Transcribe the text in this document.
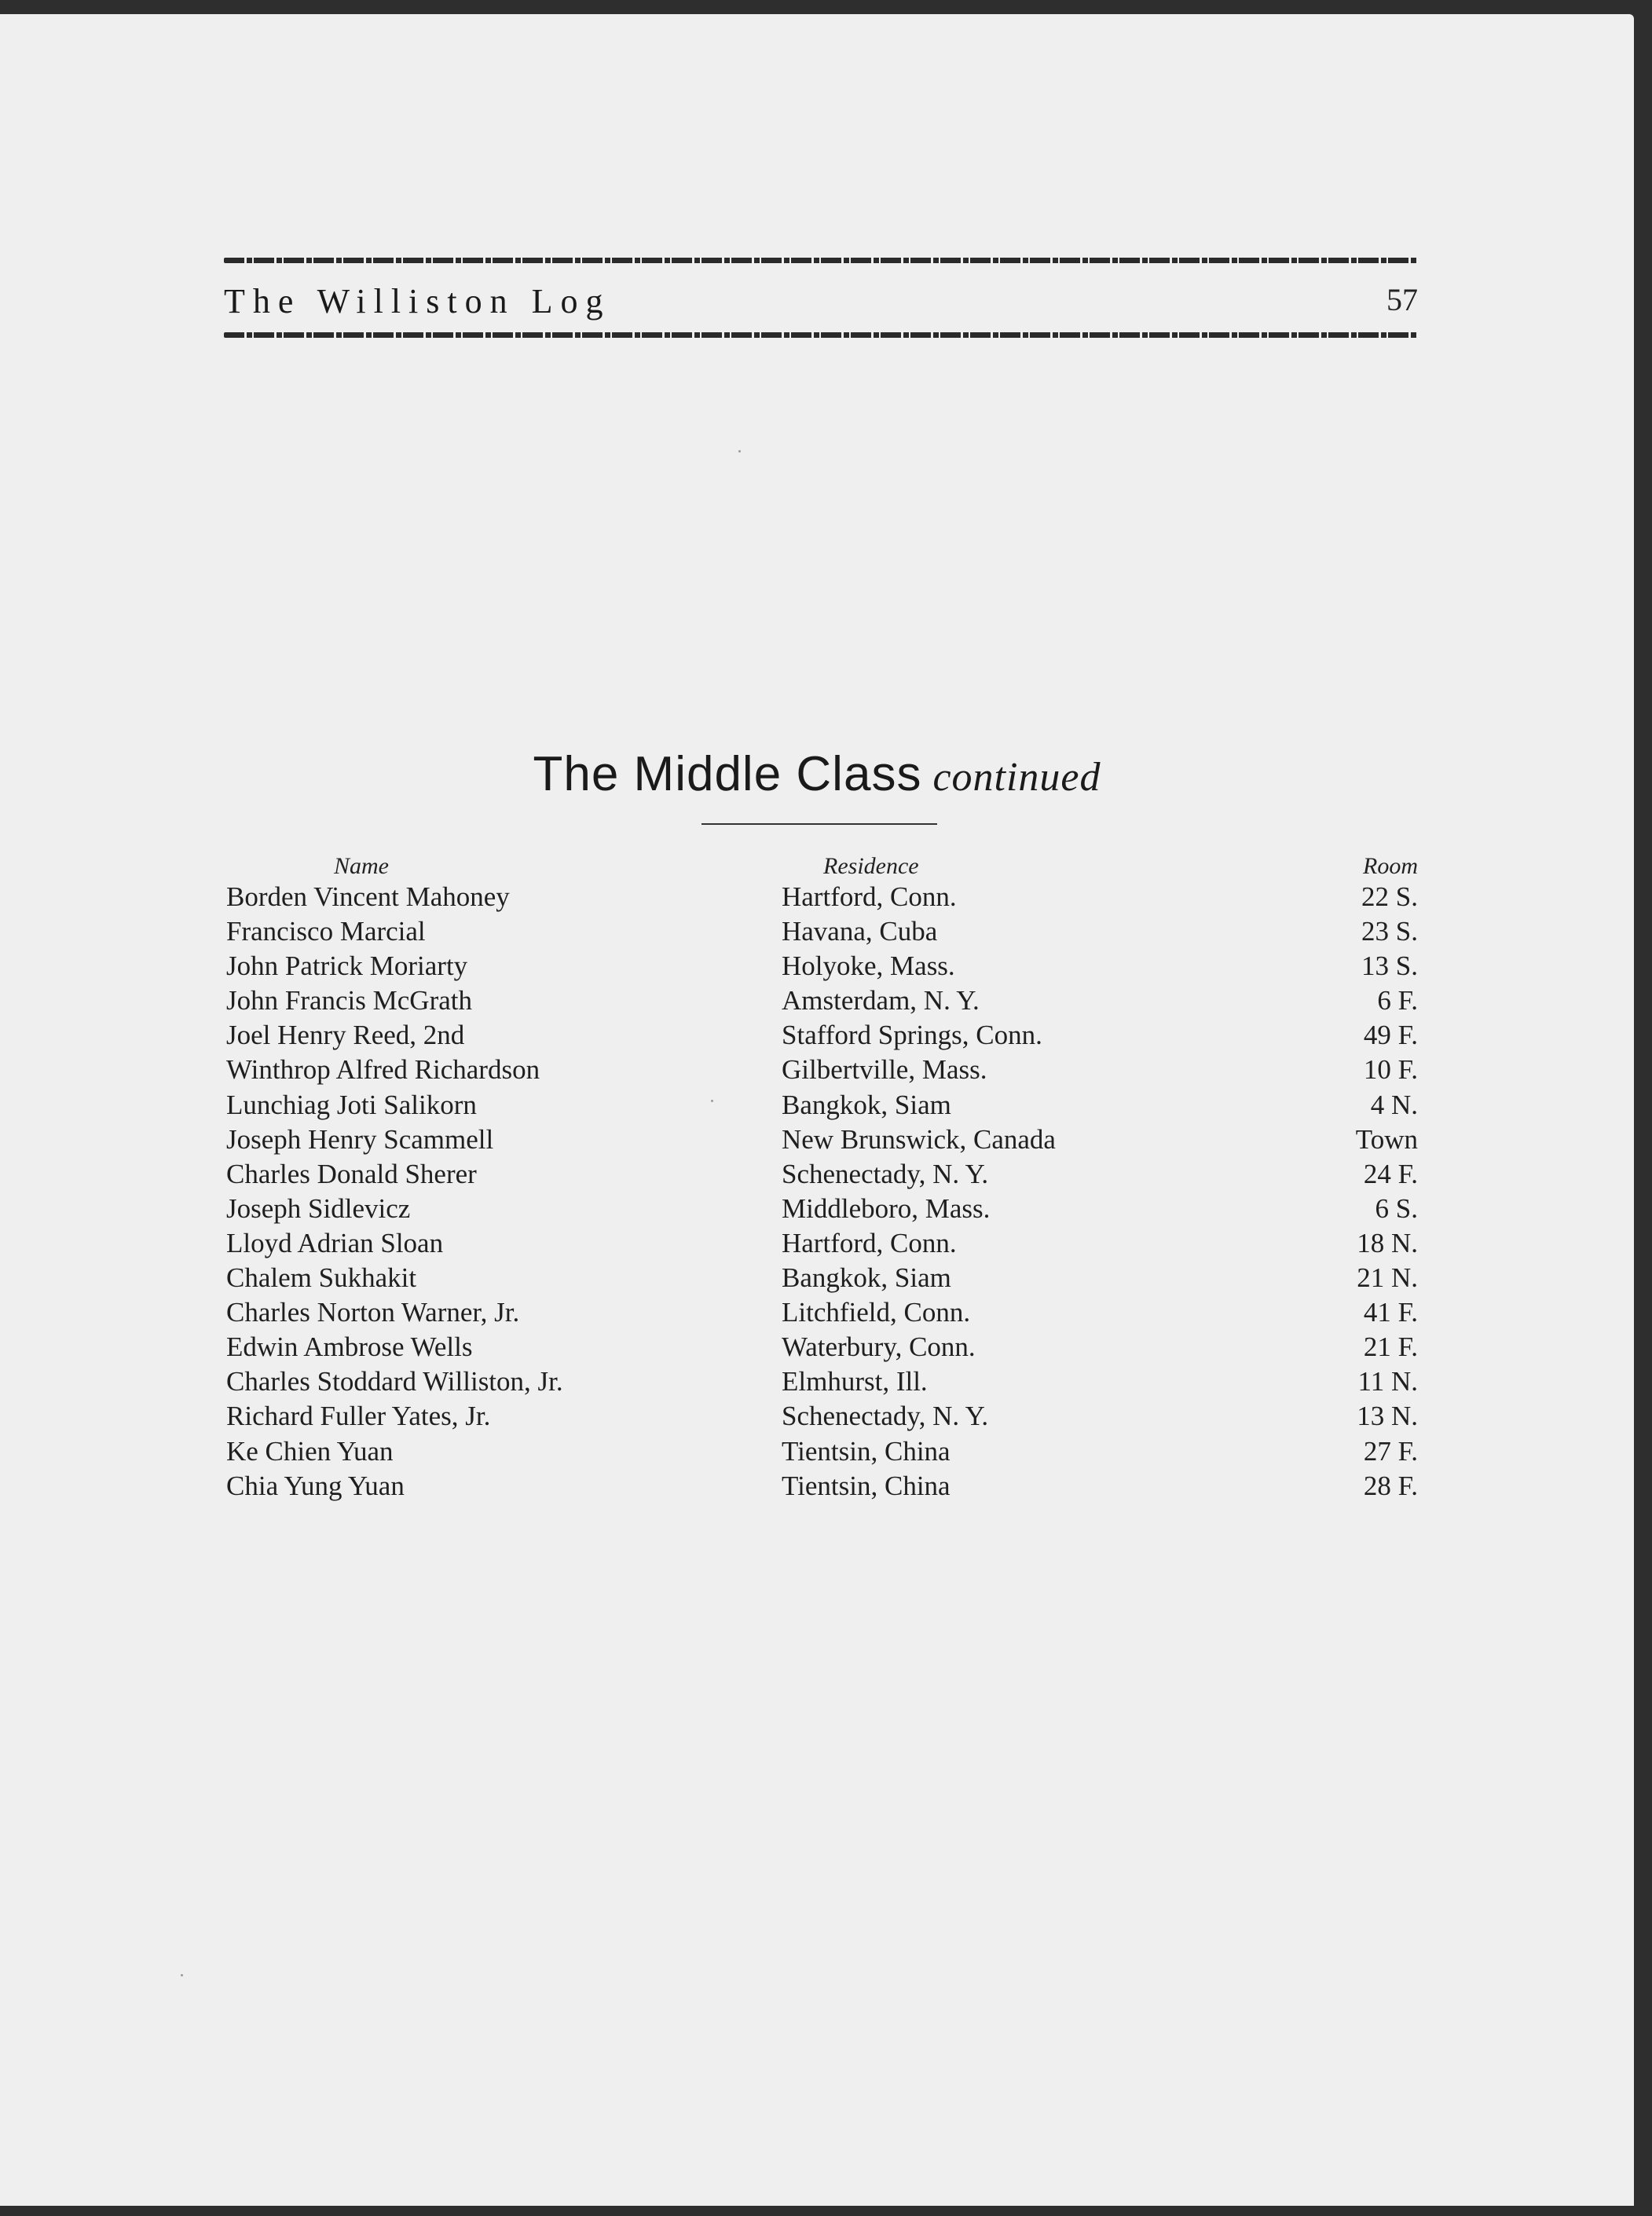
The Williston Log	57
The Middle Class continued
Name	Residence	Room
Borden Vincent Mahoney	Hartford, Conn.	22 S.
Francisco Marcial	Havana, Cuba	23 S.
John Patrick Moriarty	Holyoke, Mass.	13 S.
John Francis McGrath	Amsterdam, N. Y.	6 F.
Joel Henry Reed, 2nd	Stafford Springs, Conn.	49 F.
Winthrop Alfred Richardson	Gilbertville, Mass.	10 F.
Lunchiag Joti Salikorn	Bangkok, Siam	4 N.
Joseph Henry Scammell	New Brunswick, Canada	Town
Charles Donald Sherer	Schenectady, N. Y.	24 F.
Joseph Sidlevicz	Middleboro, Mass.	6 S.
Lloyd Adrian Sloan	Hartford, Conn.	18 N.
Chalem Sukhakit	Bangkok, Siam	21 N.
Charles Norton Warner, Jr.	Litchfield, Conn.	41 F.
Edwin Ambrose Wells	Waterbury, Conn.	21 F.
Charles Stoddard Williston, Jr.	Elmhurst, Ill.	11 N.
Richard Fuller Yates, Jr.	Schenectady, N. Y.	13 N.
Ke Chien Yuan	Tientsin, China	27 F.
Chia Yung Yuan	Tientsin, China	28 F.
